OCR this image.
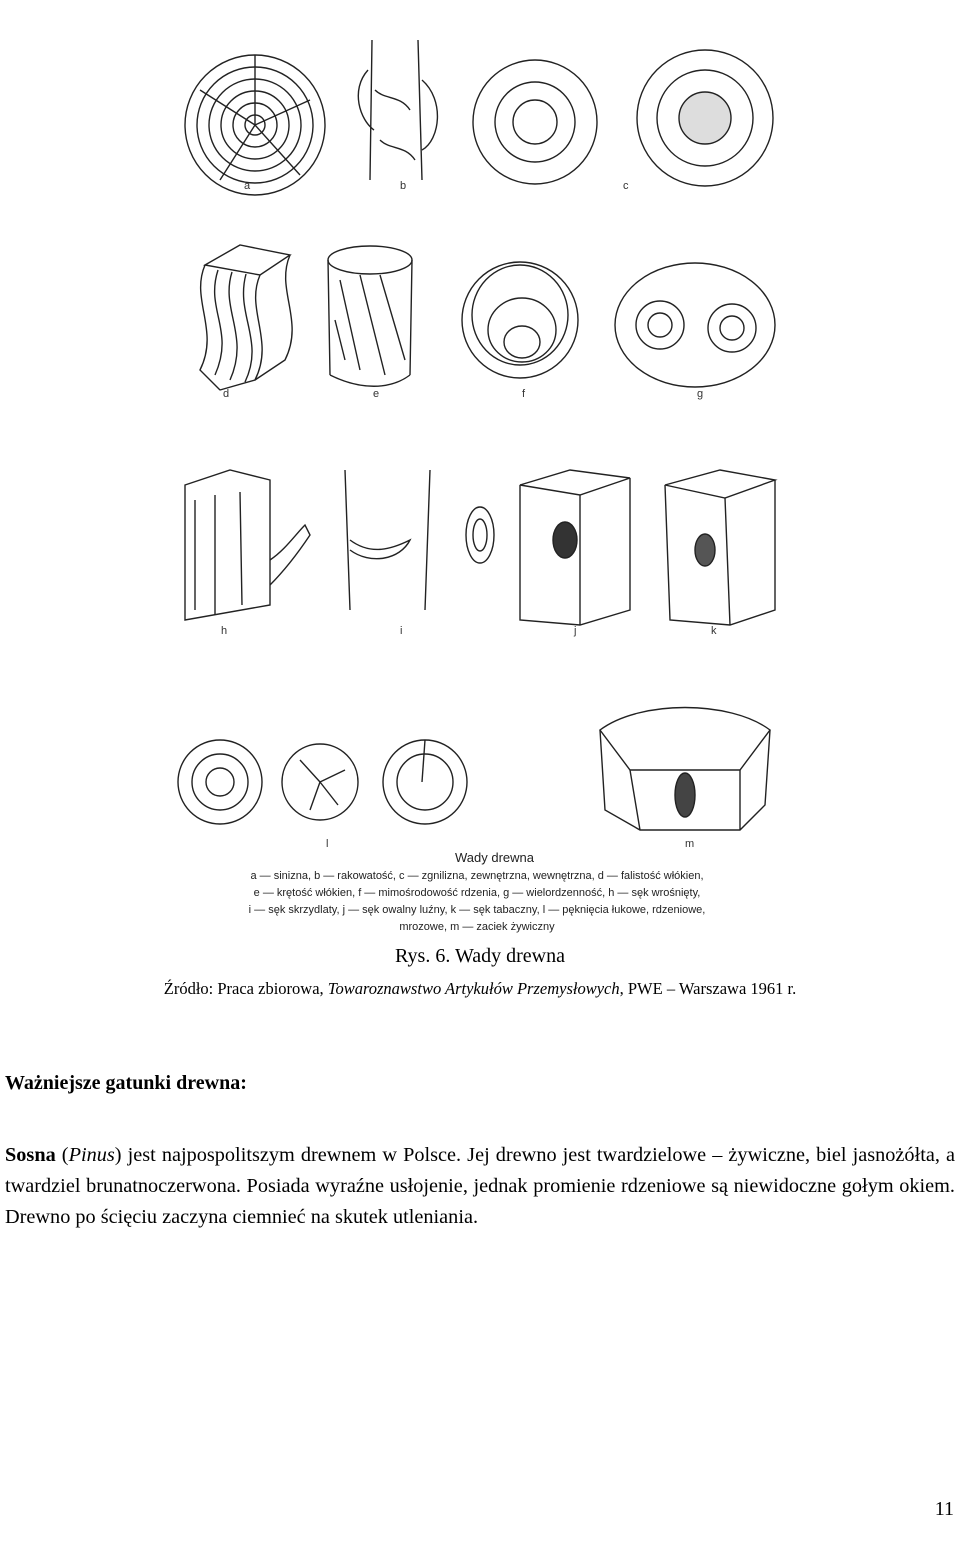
a	b	c
d	e	f	g
h	i	j	k
l	m
Wady drewna
a — sinizna, b — rakowatość, c — zgnilizna, zewnętrzna, wewnętrzna, d — falistość włókien,
e — krętość włókien, f — mimośrodowość rdzenia, g — wielordzenność, h — sęk wrośnięty,
i — sęk skrzydlaty, j — sęk owalny luźny, k — sęk tabaczny, l — pęknięcia łukowe, rdzeniowe,
mrozowe, m — zaciek żywiczny
Rys. 6. Wady drewna
Źródło: Praca zbiorowa, Towaroznawstwo Artykułów Przemysłowych, PWE – Warszawa 1961 r.
Ważniejsze gatunki drewna:

Sosna (Pinus) jest najpospolitszym drewnem w Polsce. Jej drewno jest twardzielowe – żywiczne, biel jasnożółta, a twardziel brunatnoczerwona. Posiada wyraźne usłojenie, jednak promienie rdzeniowe są niewidoczne gołym okiem. Drewno po ścięciu zaczyna ciemnieć na skutek utleniania.

11
